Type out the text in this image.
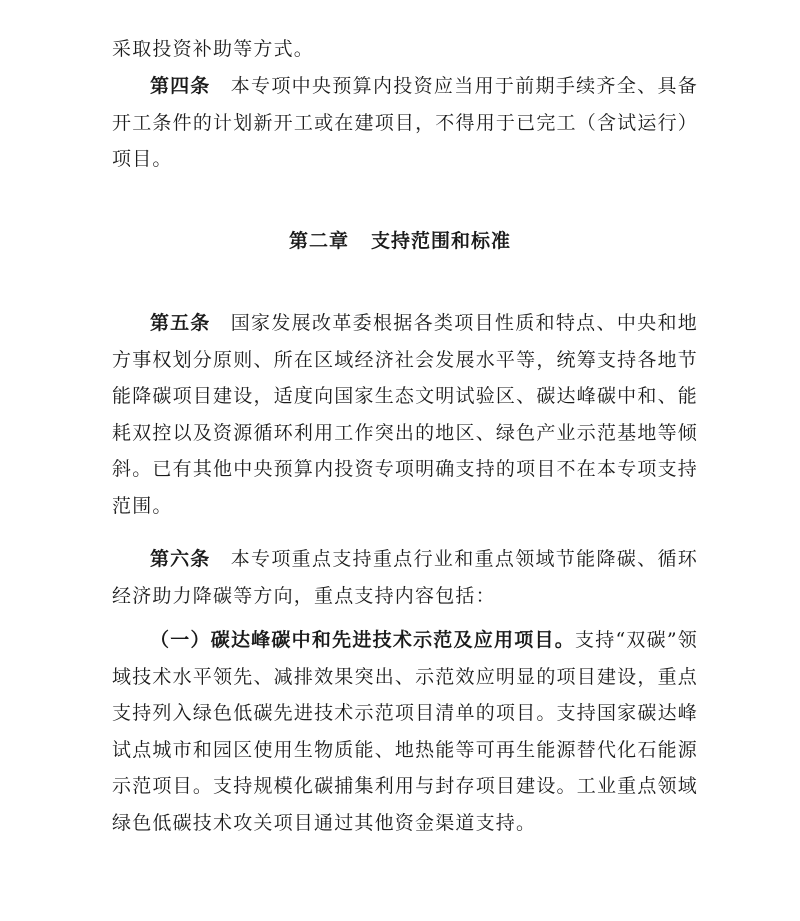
采取投资补助等方式。

第四条　 本专项中央预算内投资应当用于前期手续齐全、具备开工条件的计划新开工或在建项目，不得用于已完工（含试运行）项目。

第二章 支持范围和标准

第五条　 国家发展改革委根据各类项目性质和特点、中央和地方事权划分原则、所在区域经济社会发展水平等，统筹支持各地节能降碳项目建设，适度向国家生态文明试验区、碳达峰碳中和、能耗双控以及资源循环利用工作突出的地区、绿色产业示范基地等倾斜。已有其他中央预算内投资专项明确支持的项目不在本专项支持范围。

第六条　 本专项重点支持重点行业和重点领域节能降碳、循环经济助力降碳等方向，重点支持内容包括：

（一）碳达峰碳中和先进技术示范及应用项目。支持“双碳”领域技术水平领先、减排效果突出、示范效应明显的项目建设，重点支持列入绿色低碳先进技术示范项目清单的项目。支持国家碳达峰试点城市和园区使用生物质能、地热能等可再生能源替代化石能源示范项目。支持规模化碳捕集利用与封存项目建设。工业重点领域绿色低碳技术攻关项目通过其他资金渠道支持。
